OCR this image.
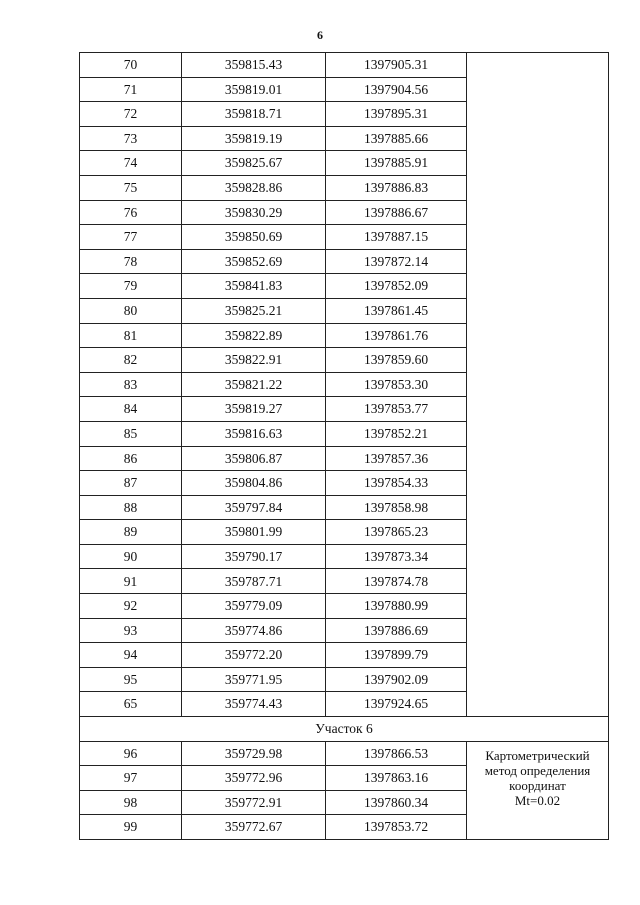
6
70	359815.43	1397905.31	
71	359819.01	1397904.56	
72	359818.71	1397895.31	
73	359819.19	1397885.66	
74	359825.67	1397885.91	
75	359828.86	1397886.83	
76	359830.29	1397886.67	
77	359850.69	1397887.15	
78	359852.69	1397872.14	
79	359841.83	1397852.09	
80	359825.21	1397861.45	
81	359822.89	1397861.76	
82	359822.91	1397859.60	
83	359821.22	1397853.30	
84	359819.27	1397853.77	
85	359816.63	1397852.21	
86	359806.87	1397857.36	
87	359804.86	1397854.33	
88	359797.84	1397858.98	
89	359801.99	1397865.23	
90	359790.17	1397873.34	
91	359787.71	1397874.78	
92	359779.09	1397880.99	
93	359774.86	1397886.69	
94	359772.20	1397899.79	
95	359771.95	1397902.09	
65	359774.43	1397924.65	
Участок 6			
96	359729.98	1397866.53	Картометрический
метод определения
координат
Mt=0.02

97	359772.96	1397863.16	
98	359772.91	1397860.34	
99	359772.67	1397853.72	
